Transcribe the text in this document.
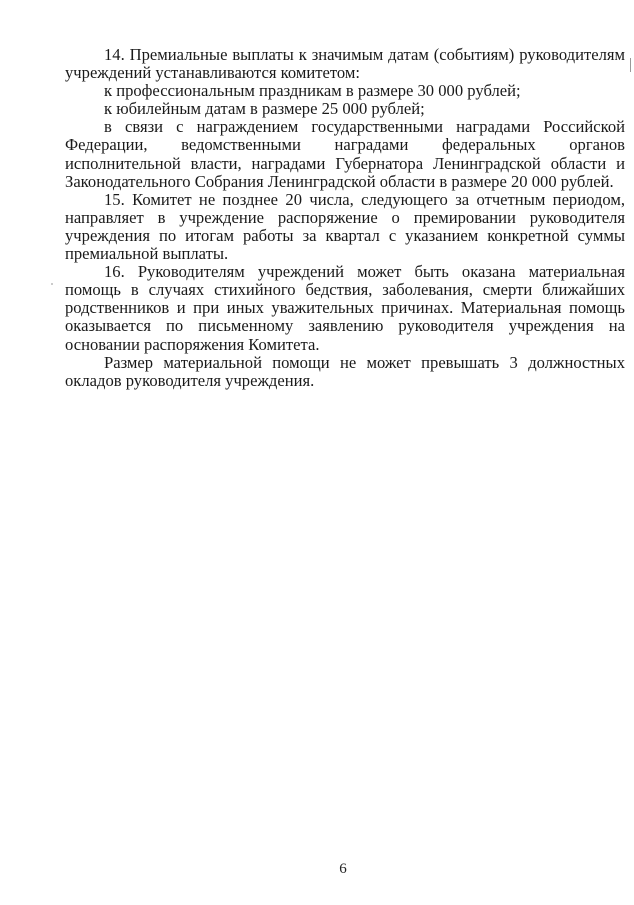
14. Премиальные выплаты к значимым датам (событиям) руководителям учреждений устанавливаются комитетом:

к профессиональным праздникам в размере 30 000 рублей;

к юбилейным датам в размере 25 000 рублей;

в связи с награждением государственными наградами Российской Федерации, ведомственными наградами федеральных органов исполнительной власти, наградами Губернатора Ленинградской области и Законодательного Собрания Ленинградской области в размере 20 000 рублей.

15. Комитет не позднее 20 числа, следующего за отчетным периодом, направляет в учреждение распоряжение о премировании руководителя учреждения по итогам работы за квартал с указанием конкретной суммы премиальной выплаты.

16. Руководителям учреждений может быть оказана материальная помощь в случаях стихийного бедствия, заболевания, смерти ближайших родственников и при иных уважительных причинах. Материальная помощь оказывается по письменному заявлению руководителя учреждения на основании распоряжения Комитета.

Размер материальной помощи не может превышать 3 должностных окладов руководителя учреждения.

6
